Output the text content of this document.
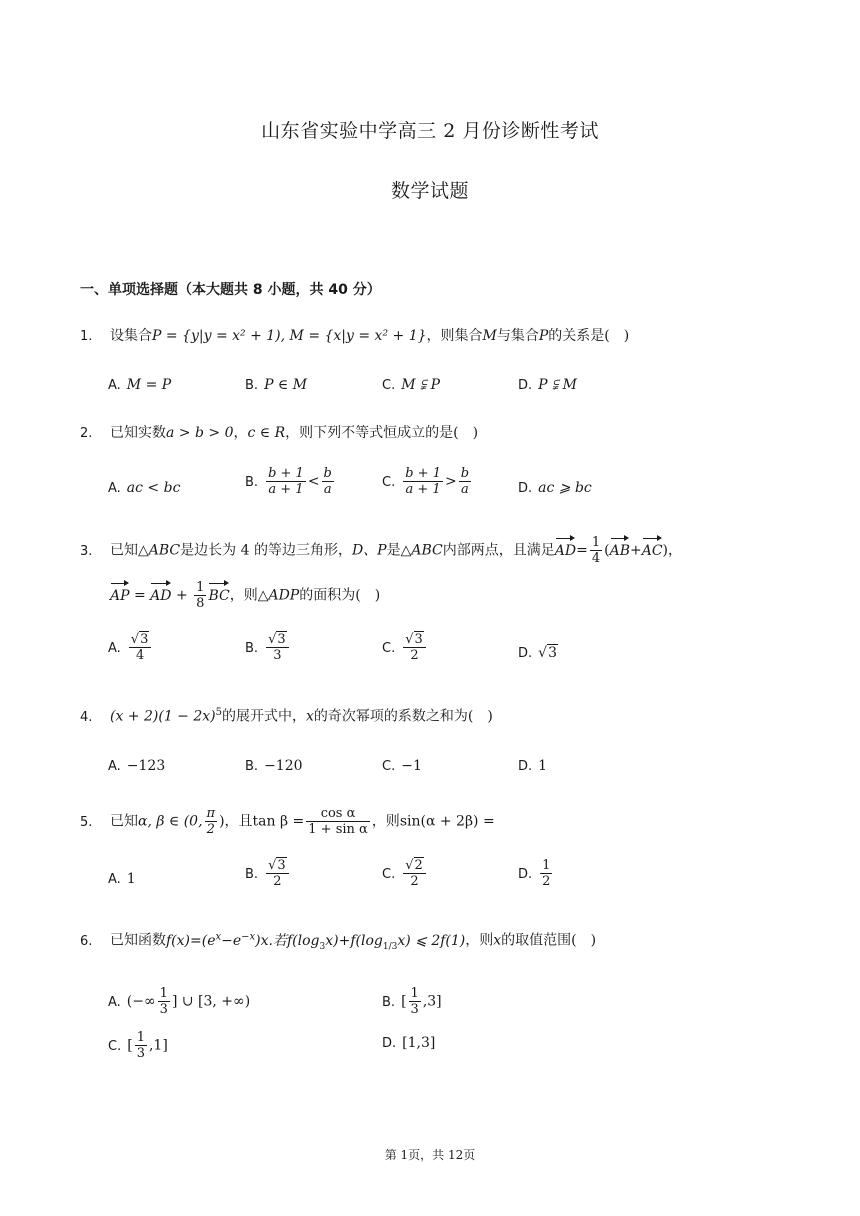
山东省实验中学高三 2 月份诊断性考试
数学试题
一、单项选择题（本大题共 8 小题，共 40 分）
1. 设集合P = {y|y = x² + 1), M = {x|y = x² + 1}，则集合M与集合P的关系是(　)
A. M = P	B. P ∈ M	C. M ⫋ P	D. P ⫋ M
2. 已知实数a > b > 0，c ∈ R，则下列不等式恒成立的是(　)
A. ac < bc	B. $\frac{b + 1}{a + 1} < \frac{b}{a}$	C. $\frac{b + 1}{a + 1} > \frac{b}{a}$	D. ac ⩾ bc
3. 已知△ABC是边长为 4 的等边三角形，D、P是△ABC内部两点，且满足$AD= \frac{1}{4} (AB+AC)$，
AP = AD + $\frac{1}{8}$ BC，则△ADP的面积为(　)
A. $\frac{√3}{4}$	B. $\frac{√3}{3}$	C. $\frac{√3}{2}$	D. √3
4. $(x + 2)(1 - 2x)^5$的展开式中，x的奇次幂项的系数之和为(　)
A. −123	B. −120	C. −1	D. 1
5. 已知α, β ∈ (0, $\frac{\pi}{2}$ )，且$\tan \beta = \frac{\text{cos α}}{\text{1 + sin α}}$ ，则sin(α + 2β) =
A. 1	B. $\frac{√3}{2}$	C. $\frac{√2}{2}$	D. $\frac{1}{2}$
6. 已知函数$f(x)=(e^x-e^{-x})x$.若$f(\log_3x)+f(\log_{1/3}x)$ ⩽ 2f(1)，则x的取值范围(　)
A. (−∞ $\frac{1}{3}$ ] ∪ [3, +∞)	B. [ $\frac{1}{3} ,3$]
C. [ $\frac{1}{3} ,1$]	D. [1,3]
第 1页，共 12页
